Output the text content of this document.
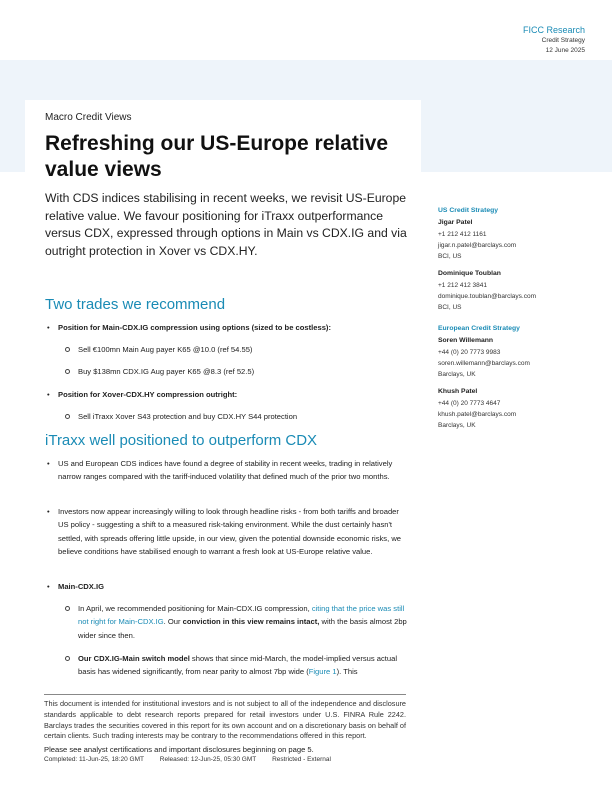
FICC Research
Credit Strategy
12 June 2025
Macro Credit Views
Refreshing our US-Europe relative value views
With CDS indices stabilising in recent weeks, we revisit US-Europe relative value. We favour positioning for iTraxx outperformance versus CDX, expressed through options in Main vs CDX.IG and via outright protection in Xover vs CDX.HY.
Two trades we recommend
•	Position for Main-CDX.IG compression using options (sized to be costless):
Sell €100mn Main Aug payer K65 @10.0 (ref 54.55)
Buy $138mn CDX.IG Aug payer K65 @8.3 (ref 52.5)
•	Position for Xover-CDX.HY compression outright:
Sell iTraxx Xover S43 protection and buy CDX.HY S44 protection
iTraxx well positioned to outperform CDX
•	US and European CDS indices have found a degree of stability in recent weeks, trading in relatively narrow ranges compared with the tariff-induced volatility that defined much of the prior two months.
•	Investors now appear increasingly willing to look through headline risks - from both tariffs and broader US policy - suggesting a shift to a measured risk-taking environment. While the dust certainly hasn't settled, with spreads offering little upside, in our view, given the potential downside economic risks, we believe conditions have stabilised enough to warrant a fresh look at US-Europe relative value.
•	Main-CDX.IG
In April, we recommended positioning for Main-CDX.IG compression, citing that the price was still not right for Main-CDX.IG. Our conviction in this view remains intact, with the basis almost 2bp wider since then.
Our CDX.IG-Main switch model shows that since mid-March, the model-implied versus actual basis has widened significantly, from near parity to almost 7bp wide (Figure 1). This
US Credit Strategy
Jigar Patel
+1 212 412 1161
jigar.n.patel@barclays.com
BCI, US
Dominique Toublan
+1 212 412 3841
dominique.toublan@barclays.com
BCI, US
European Credit Strategy
Soren Willemann
+44 (0) 20 7773 9983
soren.willemann@barclays.com
Barclays, UK
Khush Patel
+44 (0) 20 7773 4647
khush.patel@barclays.com
Barclays, UK
This document is intended for institutional investors and is not subject to all of the independence and disclosure standards applicable to debt research reports prepared for retail investors under U.S. FINRA Rule 2242. Barclays trades the securities covered in this report for its own account and on a discretionary basis on behalf of certain clients. Such trading interests may be contrary to the recommendations offered in this report.
Please see analyst certifications and important disclosures beginning on page 5.
Completed: 11-Jun-25, 18:20 GMT Released: 12-Jun-25, 05:30 GMT Restricted - External
